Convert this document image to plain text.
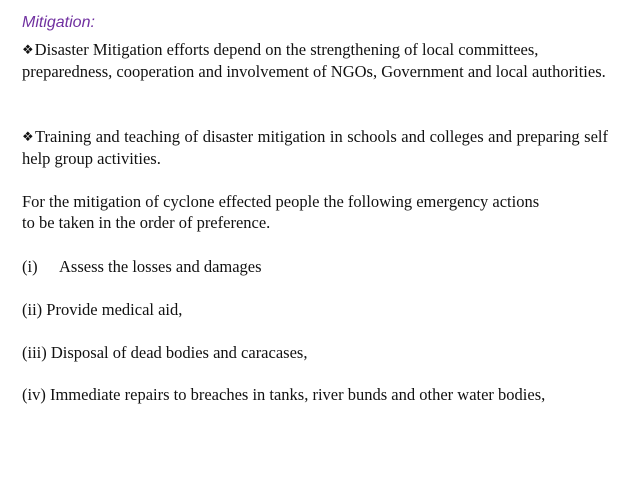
Mitigation:

❖Disaster Mitigation efforts depend on the strengthening of local committees, preparedness, cooperation and involvement of NGOs, Government and local authorities.

❖Training and teaching of disaster mitigation in schools and colleges and preparing self help group activities.

For the mitigation of cyclone effected people the following emergency actions
to be taken in the order of preference.

(i) Assess the losses and damages

(ii) Provide medical aid,

(iii) Disposal of dead bodies and caracases,

(iv) Immediate repairs to breaches in tanks, river bunds and other water bodies,
